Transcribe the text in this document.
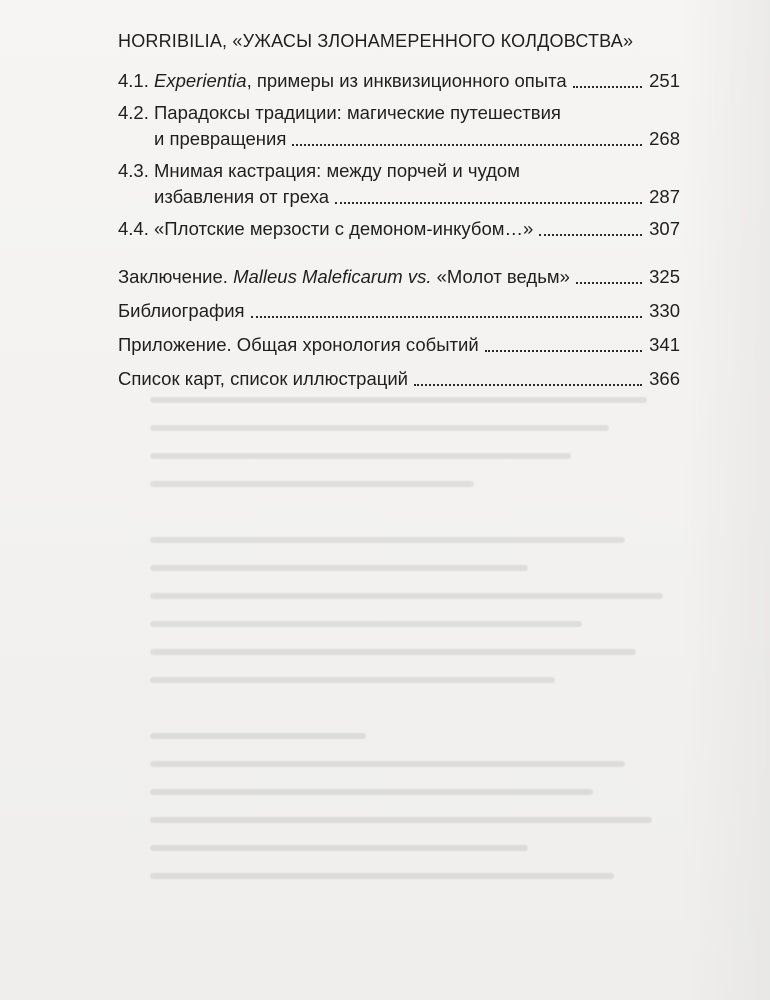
HORRIBILIA, «УЖАСЫ ЗЛОНАМЕРЕННОГО КОЛДОВСТВА»
4.1. Experientia, примеры из инквизиционного опыта	251
4.2. Парадоксы традиции: магические путешествия
и превращения	268
4.3. Мнимая кастрация: между порчей и чудом
избавления от греха	287
4.4. «Плотские мерзости с демоном-инкубом…»	307
Заключение. Malleus Maleficarum vs. «Молот ведьм»	325
Библиография	330
Приложение. Общая хронология событий	341
Список карт, список иллюстраций	366
